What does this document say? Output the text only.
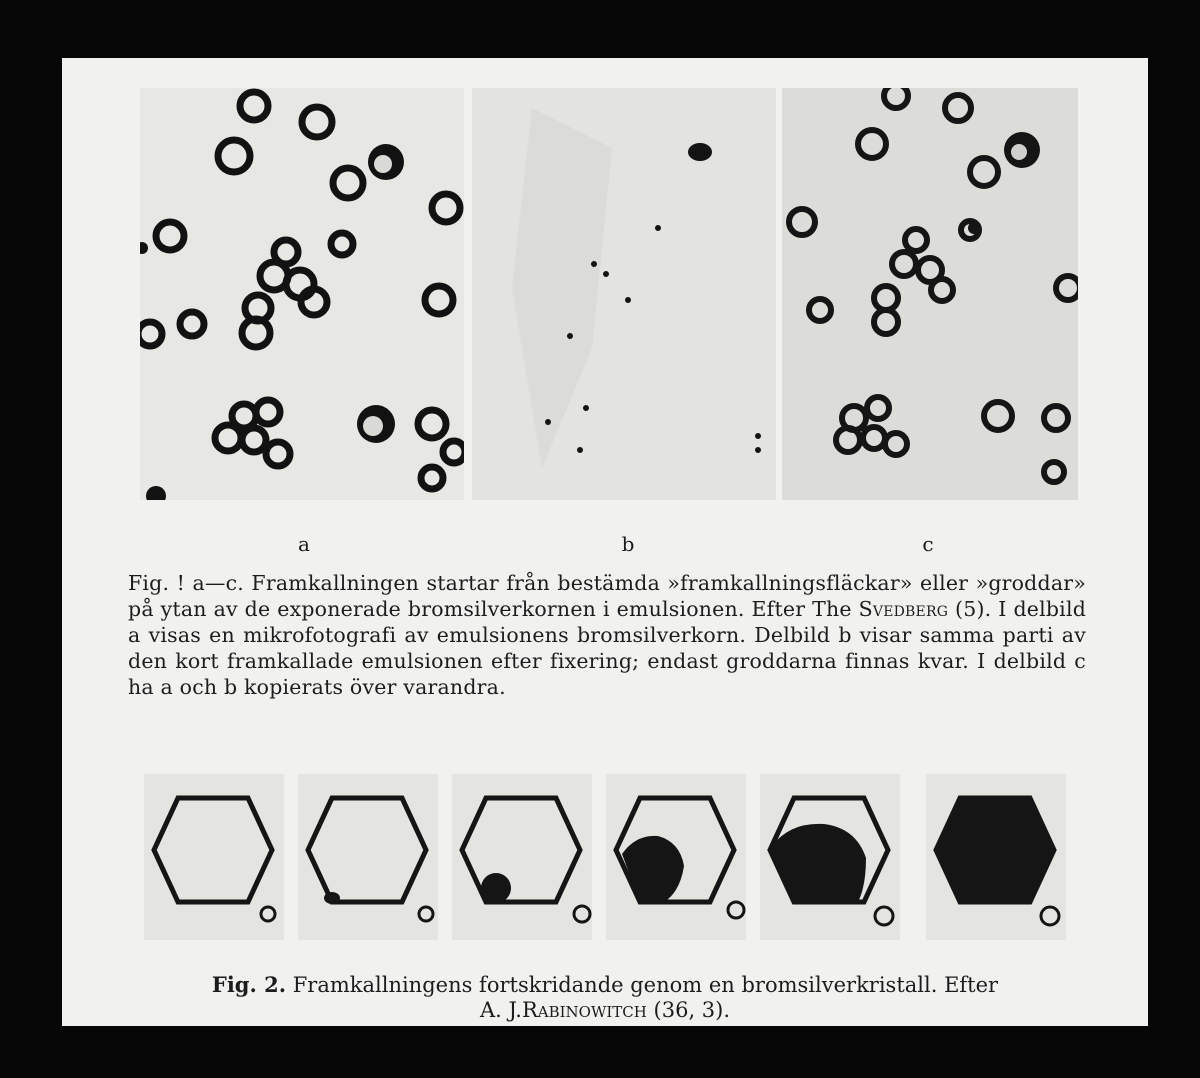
a	b	c
Fig. ! a—c. Framkallningen startar från bestämda »framkallningsfläckar» eller »groddar» på ytan av de exponerade bromsilverkornen i emulsionen. Efter The Svedberg (5). I delbild a visas en mikrofotografi av emulsionens bromsilverkorn. Delbild b visar samma parti av den kort framkallade emulsionen efter fixering; endast groddarna finnas kvar. I delbild c ha a och b kopierats över varandra.
Fig. 2. Framkallningens fortskridande genom en bromsilverkristall. Efter
A. J.Rabinowitch (36, 3).
